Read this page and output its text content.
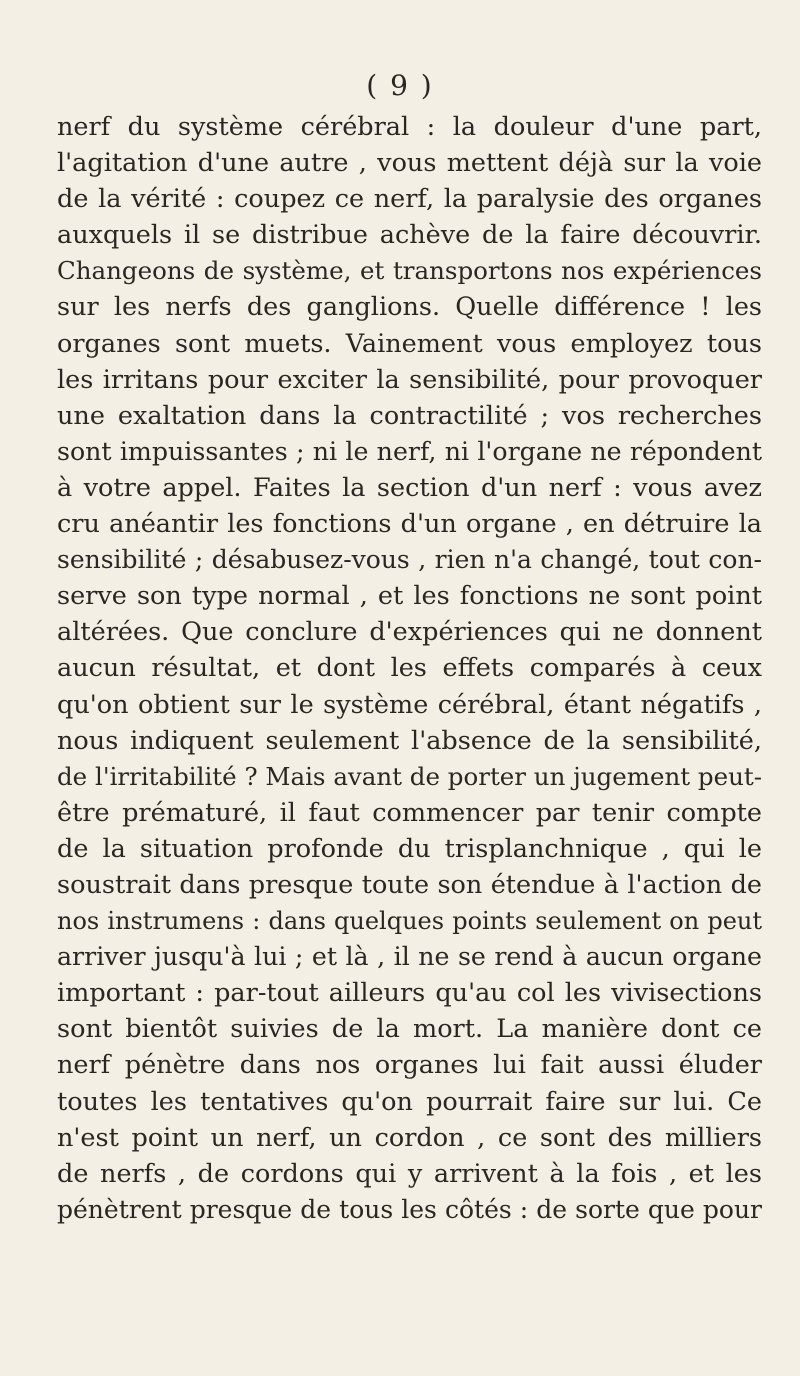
( 9 )
nerf du système cérébral : la douleur d'une part,
l'agitation d'une autre , vous mettent déjà sur la voie
de la vérité : coupez ce nerf, la paralysie des organes
auxquels il se distribue achève de la faire découvrir.
Changeons de système, et transportons nos expériences
sur les nerfs des ganglions. Quelle différence ! les
organes sont muets. Vainement vous employez tous
les irritans pour exciter la sensibilité, pour provoquer
une exaltation dans la contractilité ; vos recherches
sont impuissantes ; ni le nerf, ni l'organe ne répondent
à votre appel. Faites la section d'un nerf : vous avez
cru anéantir les fonctions d'un organe , en détruire la
sensibilité ; désabusez-vous , rien n'a changé, tout con-
serve son type normal , et les fonctions ne sont point
altérées. Que conclure d'expériences qui ne donnent
aucun résultat, et dont les effets comparés à ceux
qu'on obtient sur le système cérébral, étant négatifs ,
nous indiquent seulement l'absence de la sensibilité,
de l'irritabilité ? Mais avant de porter un jugement peut-
être prématuré, il faut commencer par tenir compte
de la situation profonde du trisplanchnique , qui le
soustrait dans presque toute son étendue à l'action de
nos instrumens : dans quelques points seulement on peut
arriver jusqu'à lui ; et là , il ne se rend à aucun organe
important : par-tout ailleurs qu'au col les vivisections
sont bientôt suivies de la mort. La manière dont ce
nerf pénètre dans nos organes lui fait aussi éluder
toutes les tentatives qu'on pourrait faire sur lui. Ce
n'est point un nerf, un cordon , ce sont des milliers
de nerfs , de cordons qui y arrivent à la fois , et les
pénètrent presque de tous les côtés : de sorte que pour
